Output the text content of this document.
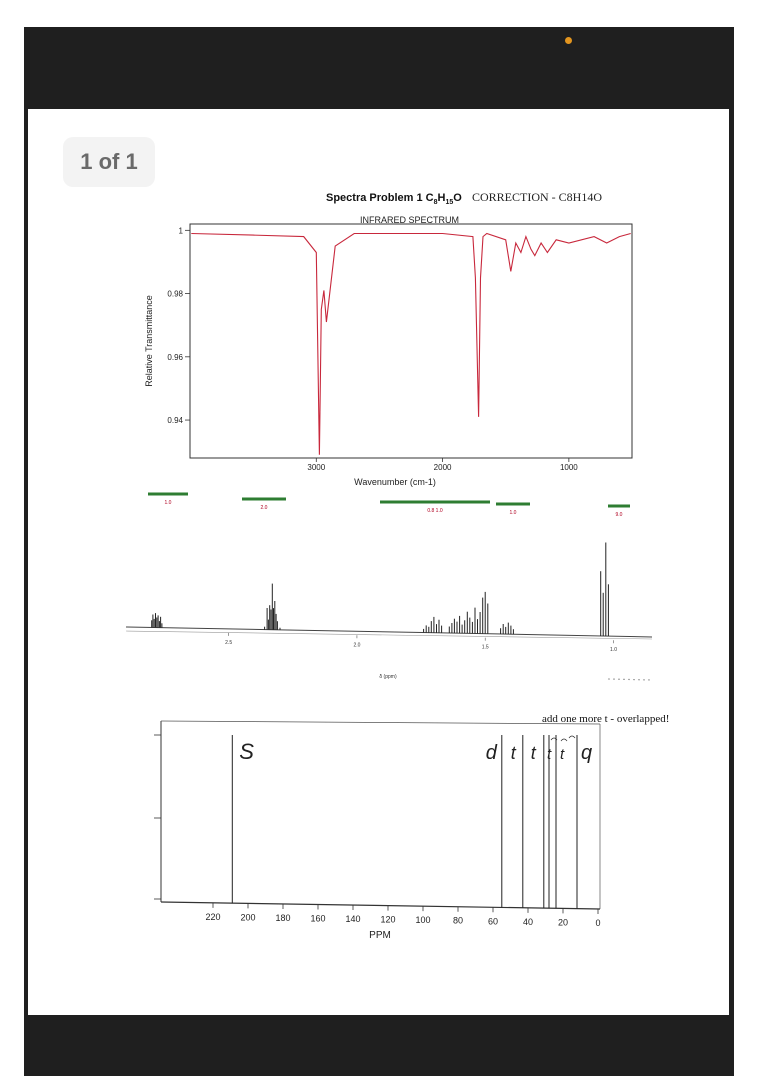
1 of 1
Spectra Problem 1 $C_8H_{15}O$ CORRECTION - C8H14O
INFRARED SPECTRUM
Relative Transmittance
Wavenumber (cm-1)
1
0.98
0.96
0.94
3000	2000	1000
1.0
2.0	0.8 1.0	1.0	9.0
2.5	2.0	1.5	1.0
δ (ppm)
add one more t - overlapped!
220 200 180 160 140 120 100 80	60	40	20	0
PPM
S	d t t t t q
